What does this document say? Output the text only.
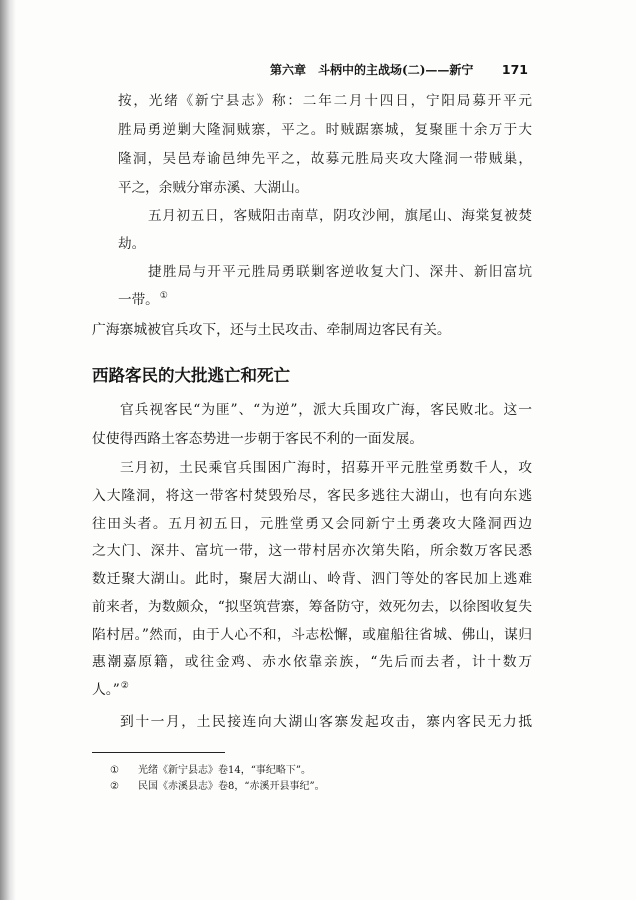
第六章 斗柄中的主战场(二)——新宁	171
按，光绪《新宁县志》称：二年二月十四日，宁阳局募开平元
胜局勇逆剿大隆洞贼寨，平之。时贼踞寨城，复聚匪十余万于大
隆洞，吴邑寿谕邑绅先平之，故募元胜局夹攻大隆洞一带贼巢，
平之，余贼分窜赤溪、大湖山。
五月初五日，客贼阳击南草，阴攻沙闸，旗尾山、海棠复被焚
劫。
捷胜局与开平元胜局勇联剿客逆收复大门、深井、新旧富坑
一带。①
广海寨城被官兵攻下，还与土民攻击、牵制周边客民有关。
西路客民的大批逃亡和死亡
官兵视客民“为匪”、“为逆”，派大兵围攻广海，客民败北。这一
仗使得西路土客态势进一步朝于客民不利的一面发展。
三月初，土民乘官兵围困广海时，招募开平元胜堂勇数千人，攻
入大隆洞，将这一带客村焚毁殆尽，客民多逃往大湖山，也有向东逃
往田头者。五月初五日，元胜堂勇又会同新宁土勇袭攻大隆洞西边
之大门、深井、富坑一带，这一带村居亦次第失陷，所余数万客民悉
数迁聚大湖山。此时，聚居大湖山、岭背、泗门等处的客民加上逃难
前来者，为数颇众，“拟坚筑营寨，筹备防守，效死勿去，以徐图收复失
陷村居。”然而，由于人心不和，斗志松懈，或雇船往省城、佛山，谋归
惠潮嘉原籍，或往金鸡、赤水依靠亲族，“先后而去者，计十数万
人。”②
到十一月，土民接连向大湖山客寨发起攻击，寨内客民无力抵
①	光绪《新宁县志》卷14，“事纪略下”。
②	民国《赤溪县志》卷8，“赤溪开县事纪”。
